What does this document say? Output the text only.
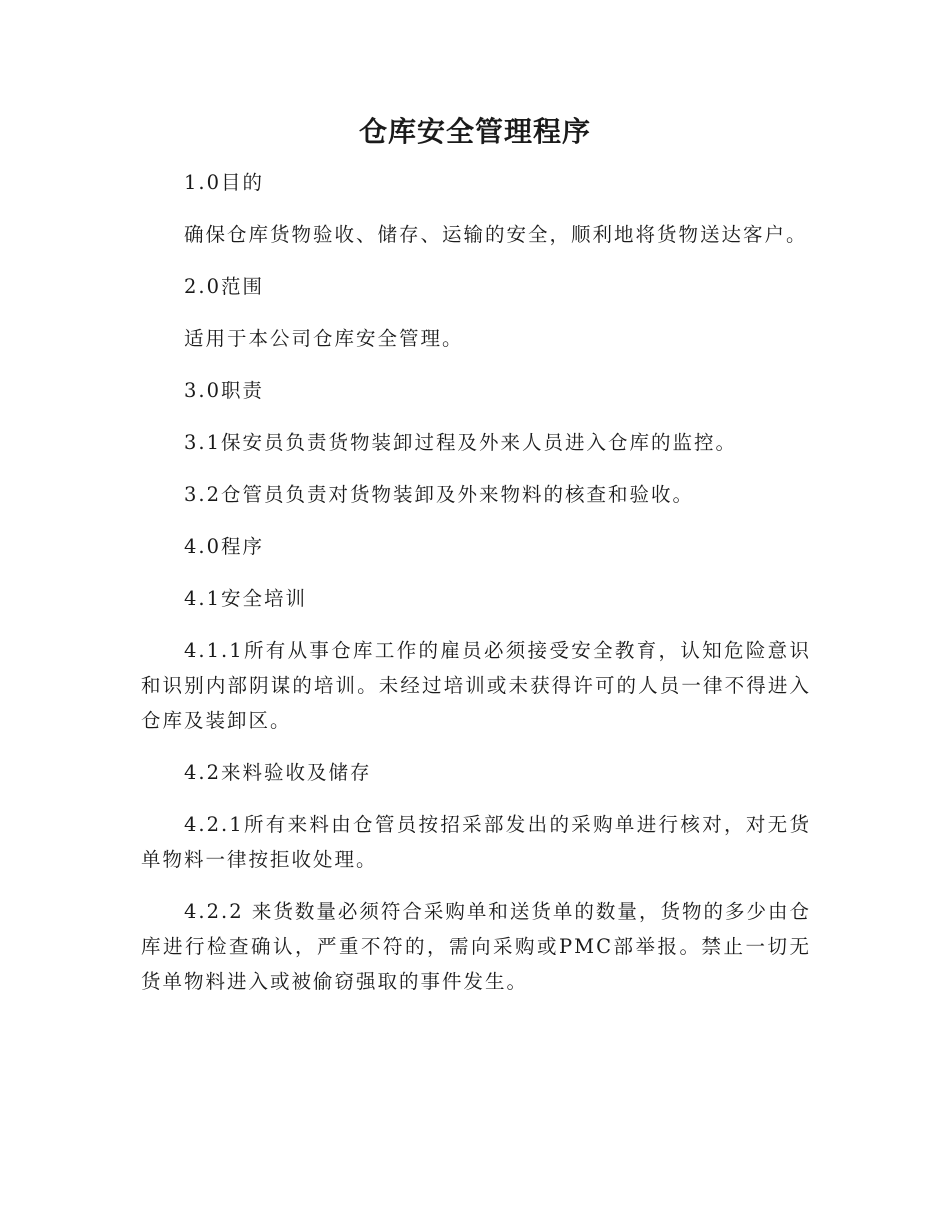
仓库安全管理程序

1.0目的

确保仓库货物验收、储存、运输的安全，顺利地将货物送达客户。

2.0范围

适用于本公司仓库安全管理。

3.0职责

3.1保安员负责货物装卸过程及外来人员进入仓库的监控。

3.2仓管员负责对货物装卸及外来物料的核查和验收。

4.0程序

4.1安全培训

4.1.1所有从事仓库工作的雇员必须接受安全教育，认知危险意识和识别内部阴谋的培训。未经过培训或未获得许可的人员一律不得进入仓库及装卸区。

4.2来料验收及储存

4.2.1所有来料由仓管员按招采部发出的采购单进行核对，对无货单物料一律按拒收处理。

4.2.2 来货数量必须符合采购单和送货单的数量，货物的多少由仓库进行检查确认，严重不符的，需向采购或PMC部举报。禁止一切无货单物料进入或被偷窃强取的事件发生。
